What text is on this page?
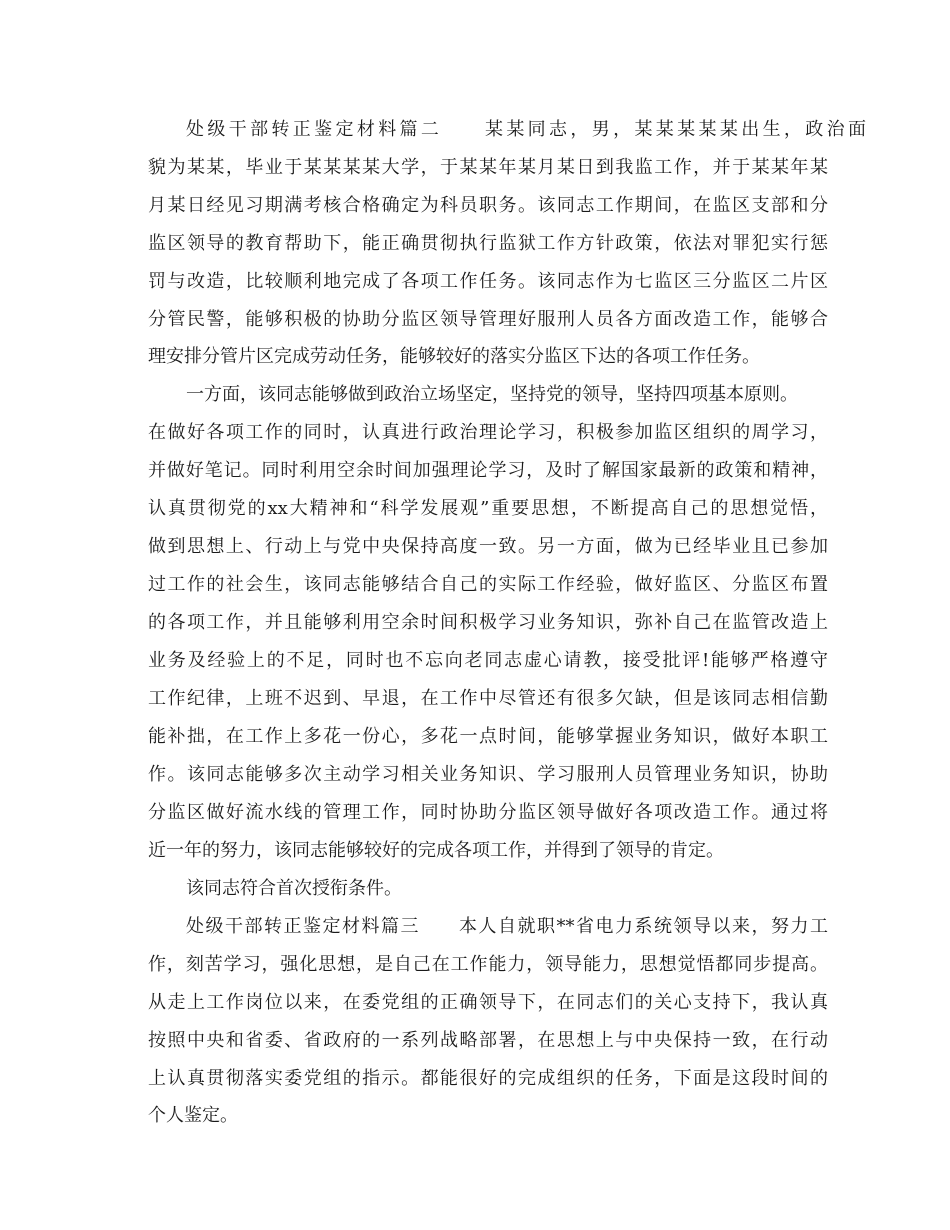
处级干部转正鉴定材料篇二　　某某同志，男，某某某某某出生，政治面
貌为某某，毕业于某某某某大学，于某某年某月某日到我监工作，并于某某年某
月某日经见习期满考核合格确定为科员职务。该同志工作期间，在监区支部和分
监区领导的教育帮助下，能正确贯彻执行监狱工作方针政策，依法对罪犯实行惩
罚与改造，比较顺利地完成了各项工作任务。该同志作为七监区三分监区二片区
分管民警，能够积极的协助分监区领导管理好服刑人员各方面改造工作，能够合
理安排分管片区完成劳动任务，能够较好的落实分监区下达的各项工作任务。
一方面，该同志能够做到政治立场坚定，坚持党的领导，坚持四项基本原则。
在做好各项工作的同时，认真进行政治理论学习，积极参加监区组织的周学习，
并做好笔记。同时利用空余时间加强理论学习，及时了解国家最新的政策和精神，
认真贯彻党的xx大精神和“科学发展观”重要思想，不断提高自己的思想觉悟，
做到思想上、行动上与党中央保持高度一致。另一方面，做为已经毕业且已参加
过工作的社会生，该同志能够结合自己的实际工作经验，做好监区、分监区布置
的各项工作，并且能够利用空余时间积极学习业务知识，弥补自己在监管改造上
业务及经验上的不足，同时也不忘向老同志虚心请教，接受批评!能够严格遵守
工作纪律，上班不迟到、早退，在工作中尽管还有很多欠缺，但是该同志相信勤
能补拙，在工作上多花一份心，多花一点时间，能够掌握业务知识，做好本职工
作。该同志能够多次主动学习相关业务知识、学习服刑人员管理业务知识，协助
分监区做好流水线的管理工作，同时协助分监区领导做好各项改造工作。通过将
近一年的努力，该同志能够较好的完成各项工作，并得到了领导的肯定。
该同志符合首次授衔条件。
处级干部转正鉴定材料篇三　　本人自就职**省电力系统领导以来，努力工
作，刻苦学习，强化思想，是自己在工作能力，领导能力，思想觉悟都同步提高。
从走上工作岗位以来，在委党组的正确领导下，在同志们的关心支持下，我认真
按照中央和省委、省政府的一系列战略部署，在思想上与中央保持一致，在行动
上认真贯彻落实委党组的指示。都能很好的完成组织的任务，下面是这段时间的
个人鉴定。
